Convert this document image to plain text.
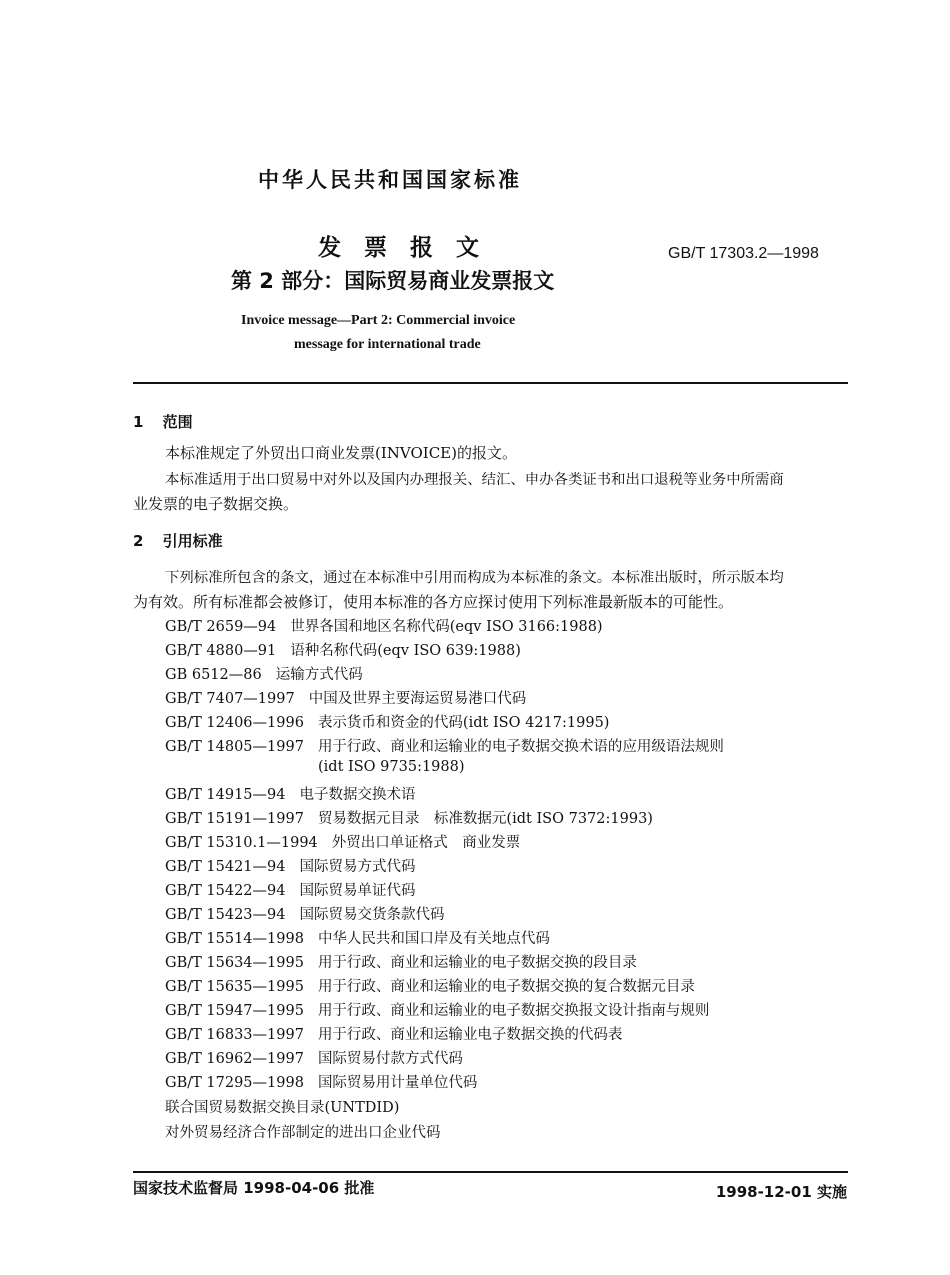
中华人民共和国国家标准
发　票　报　文	GB/T 17303.2—1998
第 2 部分：国际贸易商业发票报文
Invoice message—Part 2: Commercial invoice
message for international trade
1 范围
本标准规定了外贸出口商业发票(INVOICE)的报文。
本标准适用于出口贸易中对外以及国内办理报关、结汇、申办各类证书和出口退税等业务中所需商
业发票的电子数据交换。
2 引用标准
下列标准所包含的条文，通过在本标准中引用而构成为本标准的条文。本标准出版时，所示版本均
为有效。所有标准都会被修订，使用本标准的各方应探讨使用下列标准最新版本的可能性。
GB/T 2659—94 世界各国和地区名称代码(eqv ISO 3166:1988)
GB/T 4880—91 语种名称代码(eqv ISO 639:1988)
GB 6512—86 运输方式代码
GB/T 7407—1997 中国及世界主要海运贸易港口代码
GB/T 12406—1996 表示货币和资金的代码(idt ISO 4217:1995)
GB/T 14805—1997 用于行政、商业和运输业的电子数据交换术语的应用级语法规则
(idt ISO 9735:1988)
GB/T 14915—94 电子数据交换术语
GB/T 15191—1997 贸易数据元目录　标准数据元(idt ISO 7372:1993)
GB/T 15310.1—1994 外贸出口单证格式　商业发票
GB/T 15421—94 国际贸易方式代码
GB/T 15422—94 国际贸易单证代码
GB/T 15423—94 国际贸易交货条款代码
GB/T 15514—1998 中华人民共和国口岸及有关地点代码
GB/T 15634—1995 用于行政、商业和运输业的电子数据交换的段目录
GB/T 15635—1995 用于行政、商业和运输业的电子数据交换的复合数据元目录
GB/T 15947—1995 用于行政、商业和运输业的电子数据交换报文设计指南与规则
GB/T 16833—1997 用于行政、商业和运输业电子数据交换的代码表
GB/T 16962—1997 国际贸易付款方式代码
GB/T 17295—1998 国际贸易用计量单位代码
联合国贸易数据交换目录(UNTDID)
对外贸易经济合作部制定的进出口企业代码
国家技术监督局 1998-04-06 批准	1998-12-01 实施
